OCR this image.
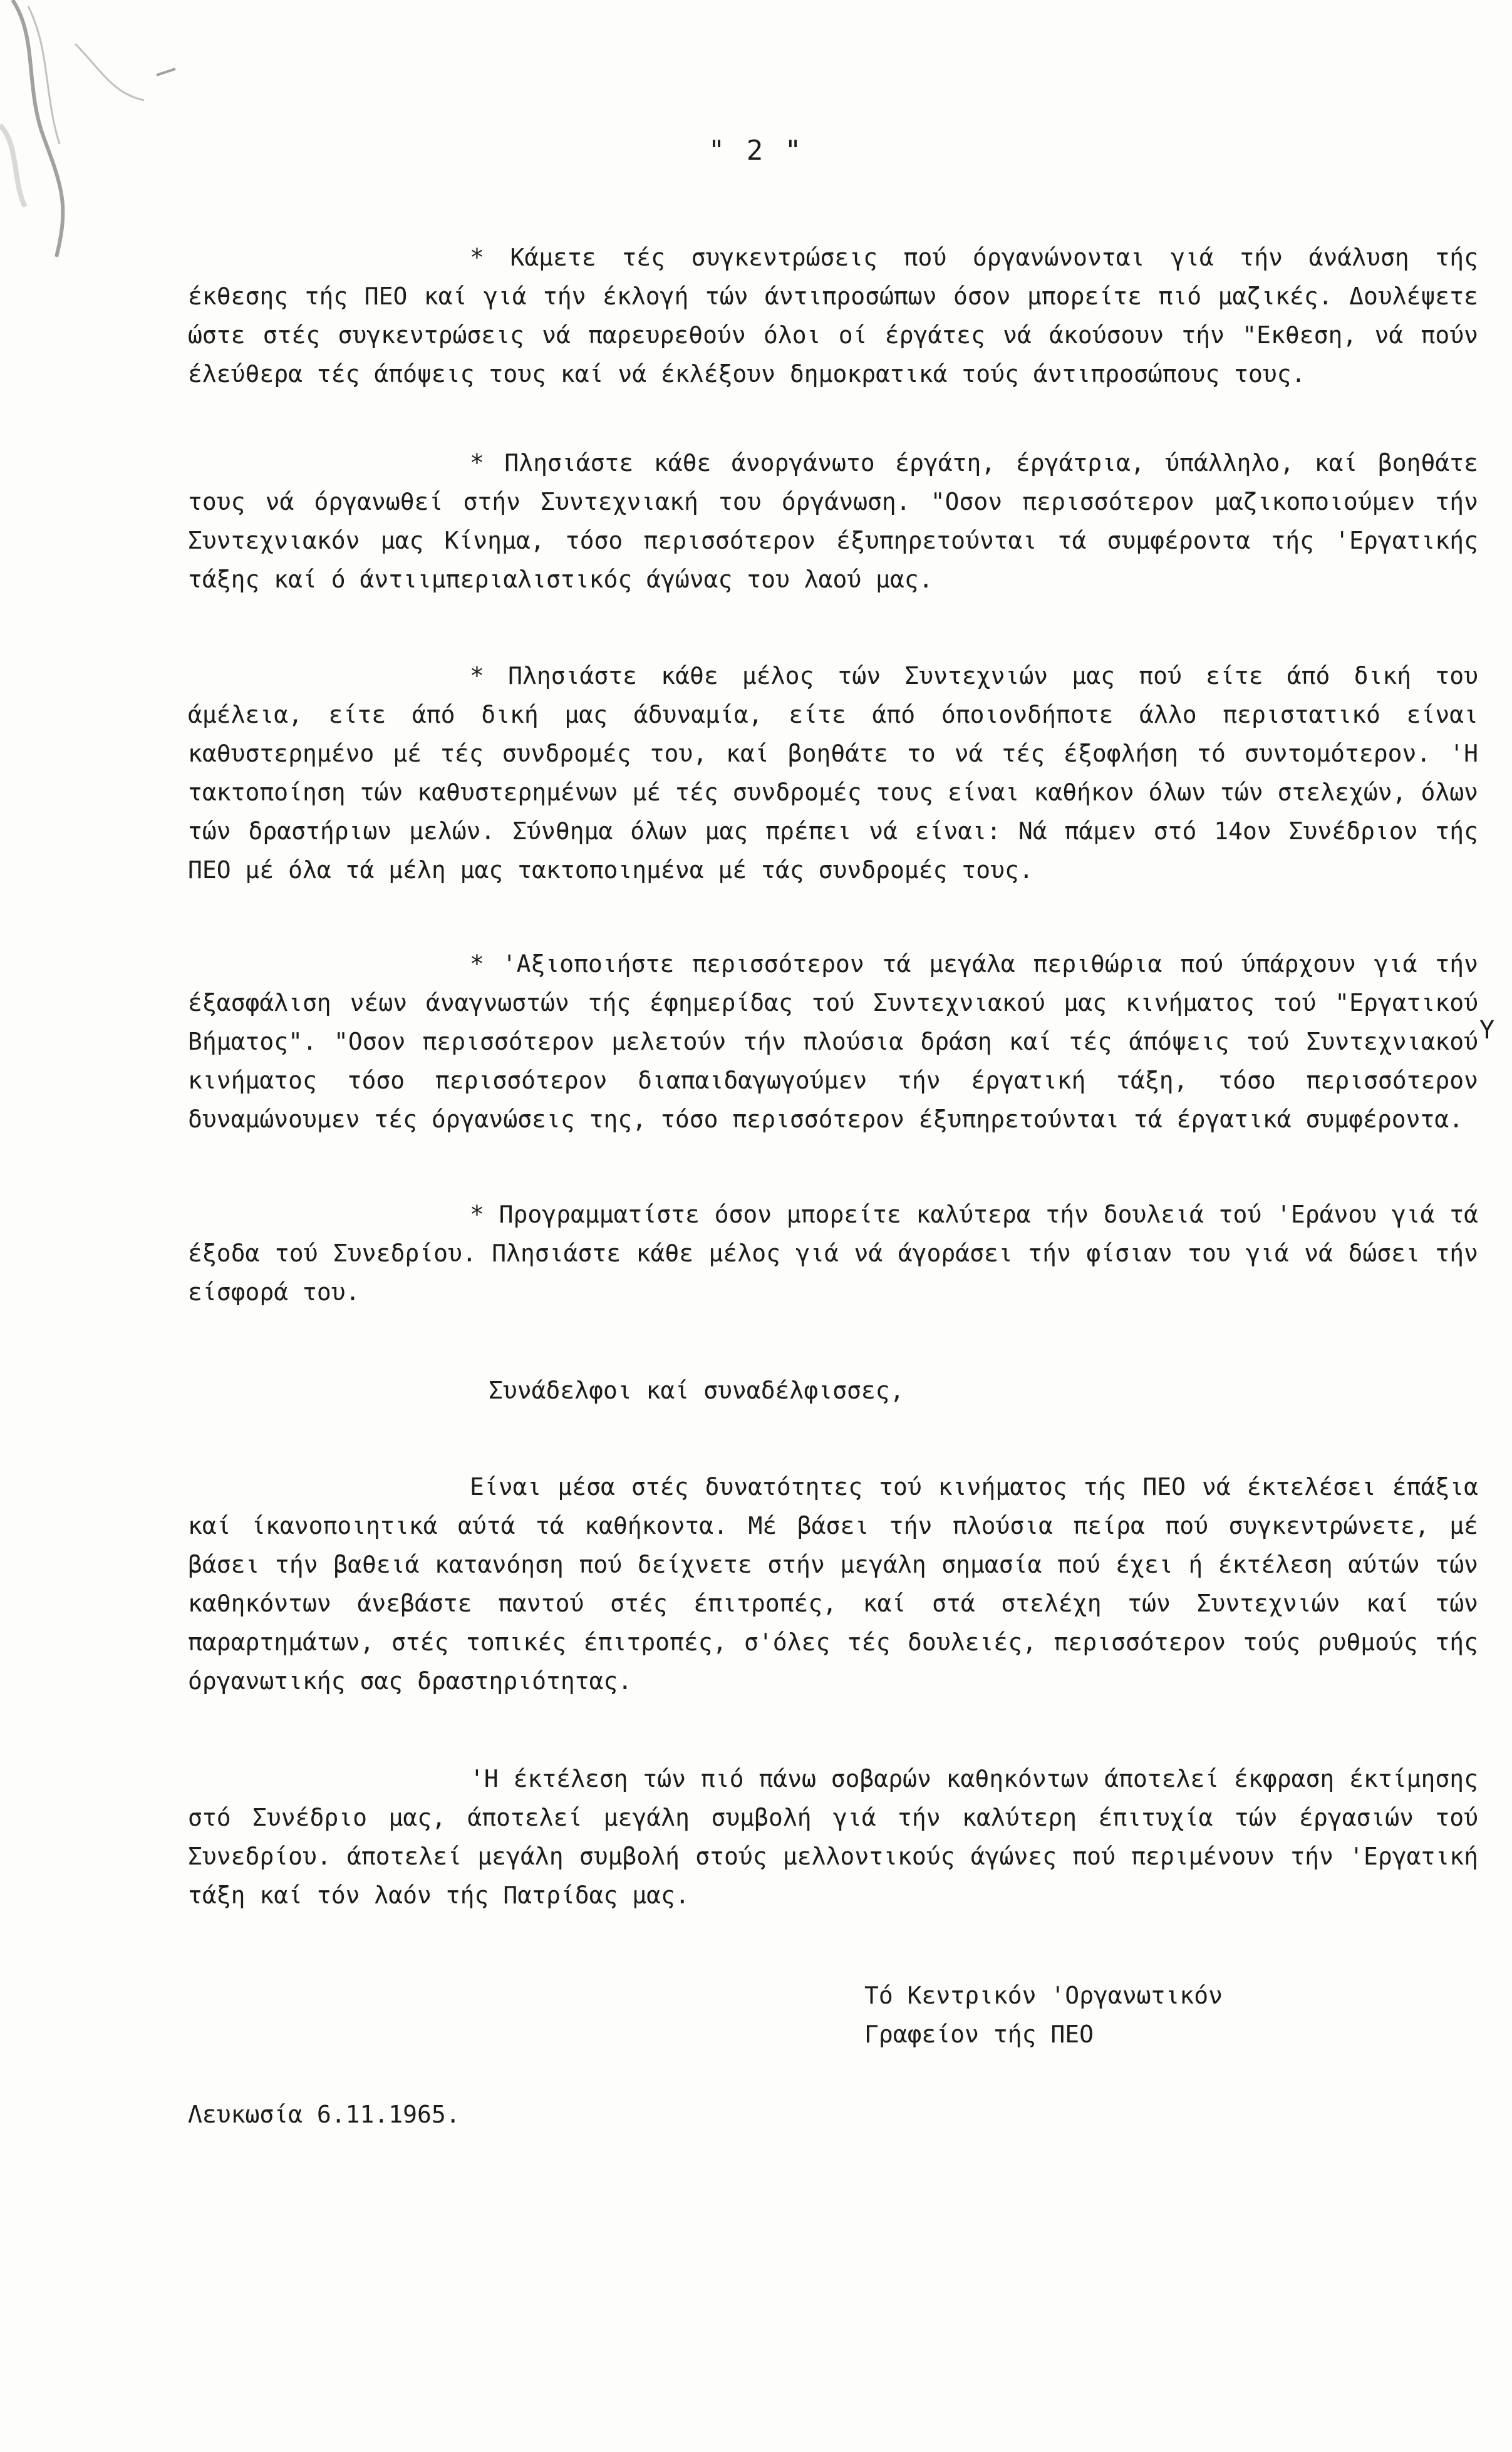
" 2 "

* Κάμετε τές συγκεντρώσεις πού όργανώνονται γιά τήν άνάλυση τής έκθεσης τής ΠΕΟ καί γιά τήν έκλογή τών άντιπροσώπων όσον μπορείτε πιό μαζικές. Δουλέψετε ώστε στές συγκεντρώσεις νά παρευρεθούν όλοι οί έργάτες νά άκούσουν τήν "Εκθεση, νά πούν έλεύθερα τές άπόψεις τους καί νά έκλέξουν δημοκρατικά τούς άντιπροσώπους τους.

* Πλησιάστε κάθε άνοργάνωτο έργάτη, έργάτρια, ύπάλληλο, καί βοηθάτε τους νά όργανωθεί στήν Συντεχνιακή του όργάνωση. "Οσον περισσότερον μαζικοποιούμεν τήν Συντεχνιακόν μας Κίνημα, τόσο περισσότερον έξυπηρετούνται τά συμφέροντα τής 'Εργατικής τάξης καί ό άντιιμπεριαλιστικός άγώνας του λαού μας.

* Πλησιάστε κάθε μέλος τών Συντεχνιών μας πού είτε άπό δική του άμέλεια, είτε άπό δική μας άδυναμία, είτε άπό όποιονδήποτε άλλο περιστατικό είναι καθυστερημένο μέ τές συνδρομές του, καί βοηθάτε το νά τές έξοφλήση τό συντομότερον. 'Η τακτοποίηση τών καθυστερημένων μέ τές συνδρομές τους είναι καθήκον όλων τών στελεχών, όλων τών δραστήριων μελών. Σύνθημα όλων μας πρέπει νά είναι: Νά πάμεν στό 14ον Συνέδριον τής ΠΕΟ μέ όλα τά μέλη μας τακτοποιημένα μέ τάς συνδρομές τους.

* 'Αξιοποιήστε περισσότερον τά μεγάλα περιθώρια πού ύπάρχουν γιά τήν έξασφάλιση νέων άναγνωστών τής έφημερίδας τού Συντεχνιακού μας κινήματος τού "Εργατικού Βήματος". "Οσον περισσότερον μελετούν τήν πλούσια δράση καί τές άπόψεις τού Συντεχνιακού κινήματος τόσο περισσότερον διαπαιδαγωγούμεν τήν έργατική τάξη, τόσο περισσότερον δυναμώνουμεν τές όργανώσεις της, τόσο περισσότερον έξυπηρετούνται τά έργατικά συμφέροντα.

* Προγραμματίστε όσον μπορείτε καλύτερα τήν δουλειά τού 'Εράνου γιά τά έξοδα τού Συνεδρίου. Πλησιάστε κάθε μέλος γιά νά άγοράσει τήν φίσιαν του γιά νά δώσει τήν είσφορά του.

Συνάδελφοι καί συναδέλφισσες,

Είναι μέσα στές δυνατότητες τού κινήματος τής ΠΕΟ νά έκτελέσει έπάξια καί ίκανοποιητικά αύτά τά καθήκοντα. Μέ βάσει τήν πλούσια πείρα πού συγκεντρώνετε, μέ βάσει τήν βαθειά κατανόηση πού δείχνετε στήν μεγάλη σημασία πού έχει ή έκτέλεση αύτών τών καθηκόντων άνεβάστε παντού στές έπιτροπές, καί στά στελέχη τών Συντεχνιών καί τών παραρτημάτων, στές τοπικές έπιτροπές, σ'όλες τές δουλειές, περισσότερον τούς ρυθμούς τής όργανωτικής σας δραστηριότητας.

'Η έκτέλεση τών πιό πάνω σοβαρών καθηκόντων άποτελεί έκφραση έκτίμησης στό Συνέδριο μας, άποτελεί μεγάλη συμβολή γιά τήν καλύτερη έπιτυχία τών έργασιών τού Συνεδρίου. άποτελεί μεγάλη συμβολή στούς μελλοντικούς άγώνες πού περιμένουν τήν 'Εργατική τάξη καί τόν λαόν τής Πατρίδας μας.

Τό Κεντρικόν 'Οργανωτικόν
Γραφείον τής ΠΕΟ
Λευκωσία 6.11.1965.
Y
